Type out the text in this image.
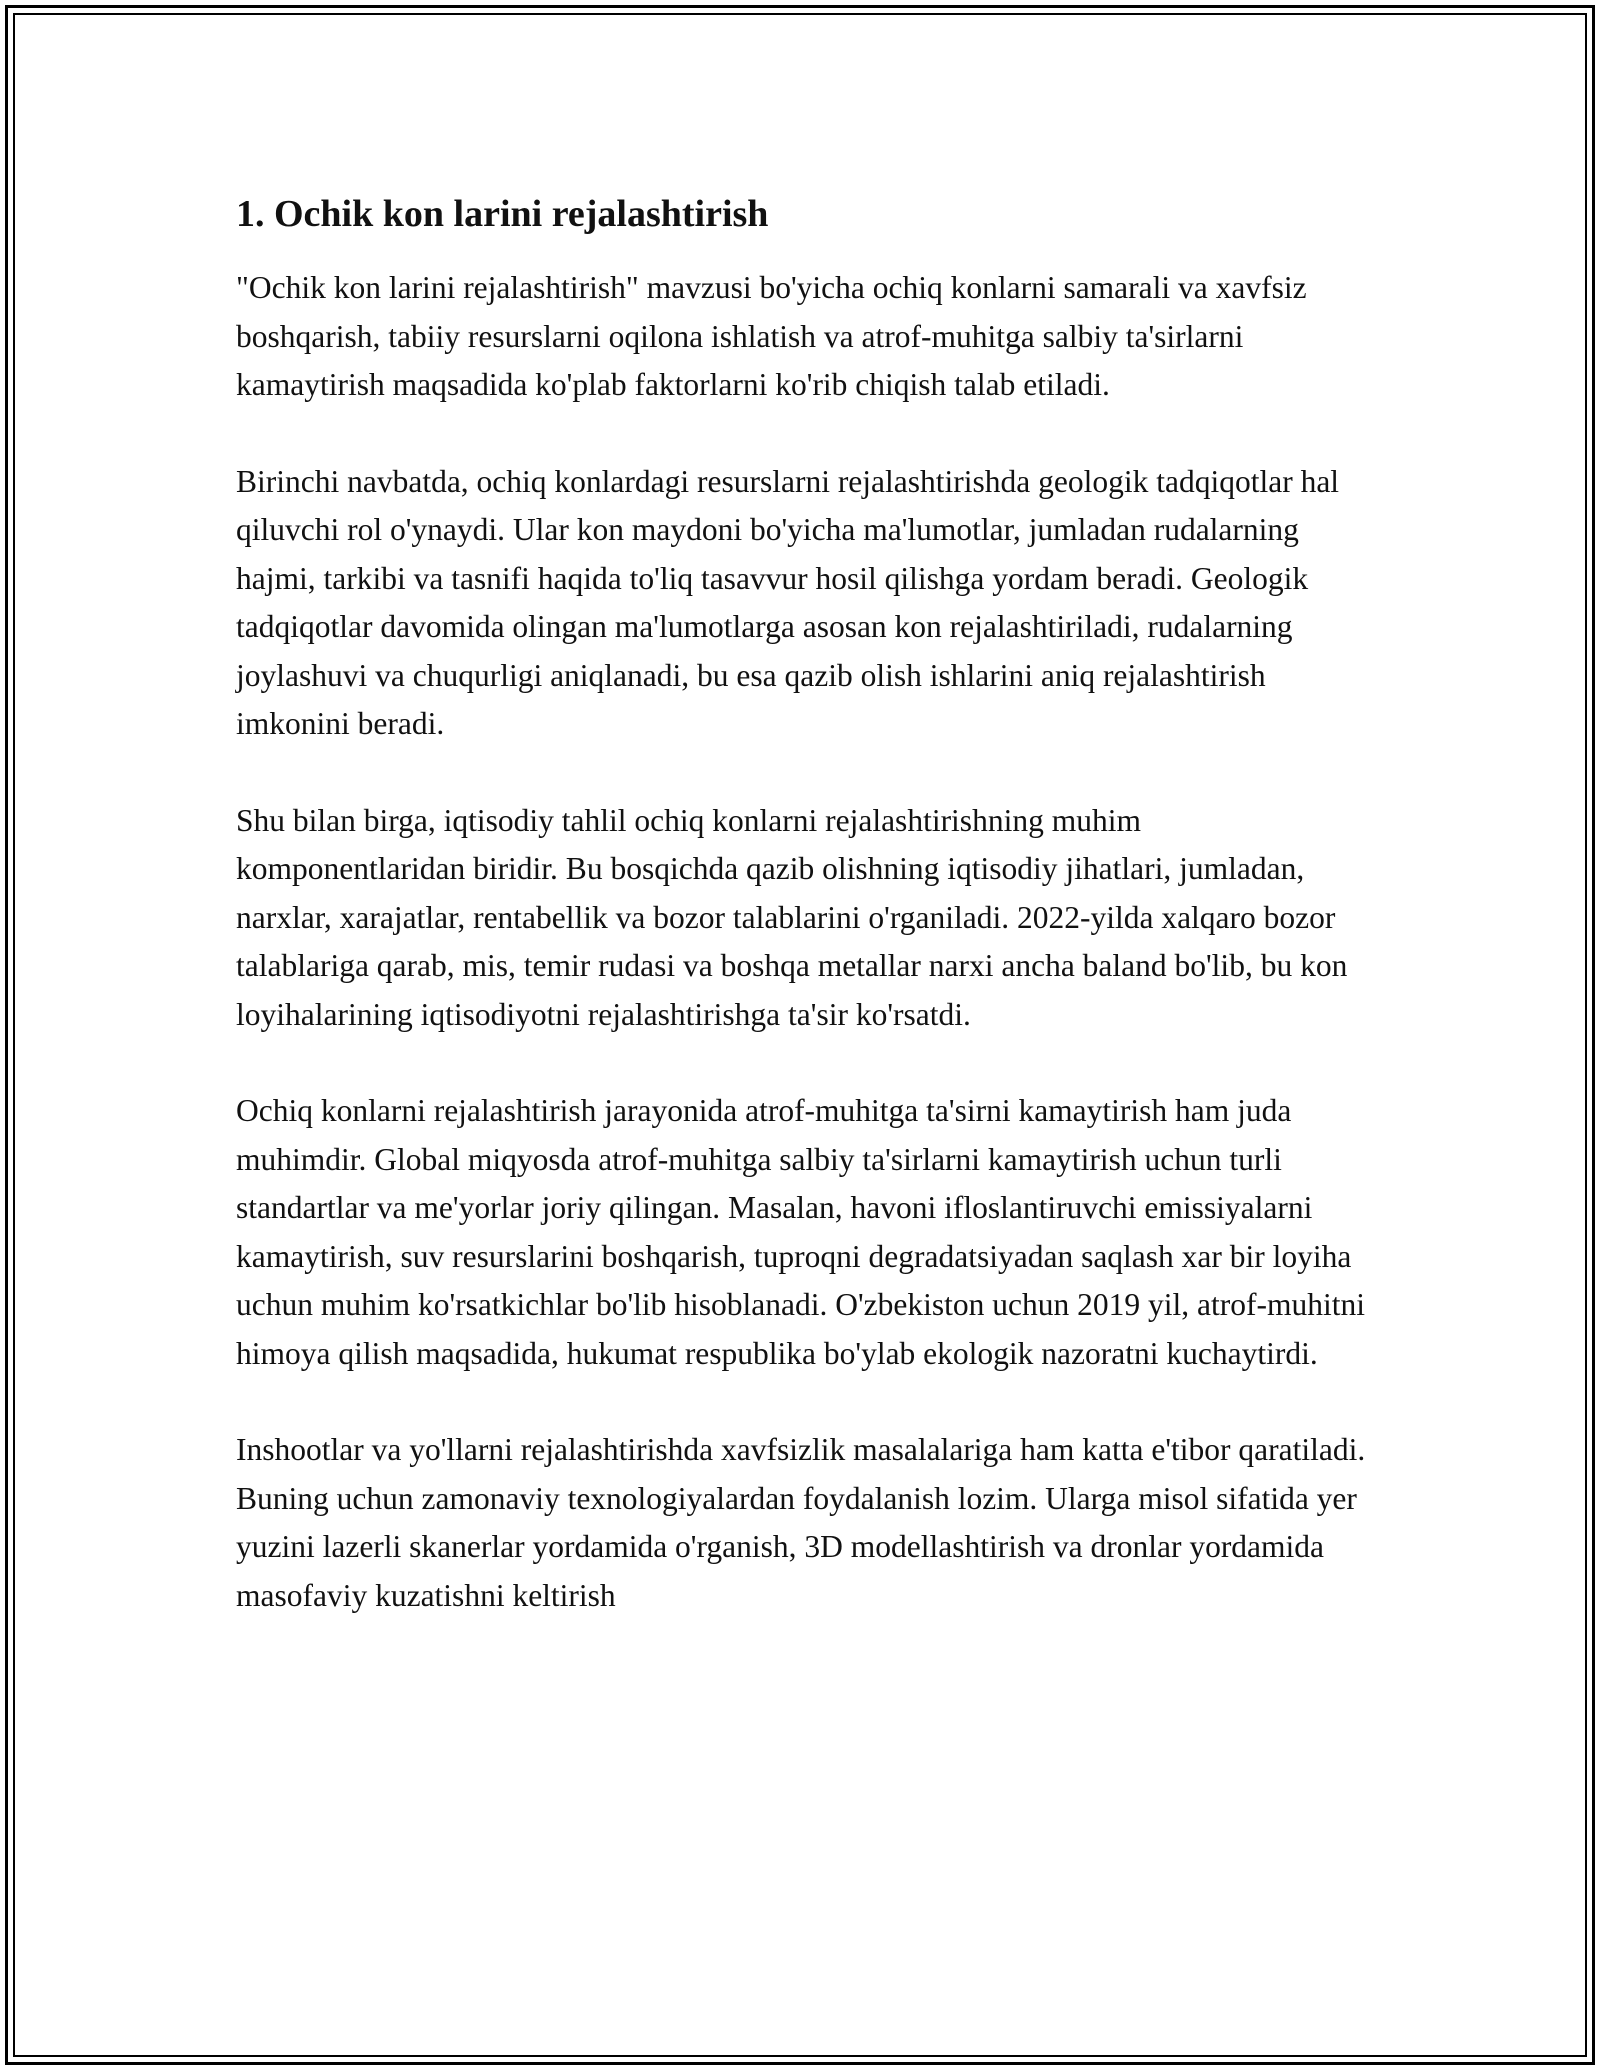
1. Ochik kon larini rejalashtirish

"Ochik kon larini rejalashtirish" mavzusi bo'yicha ochiq konlarni samarali va xavfsiz boshqarish, tabiiy resurslarni oqilona ishlatish va atrof-muhitga salbiy ta'sirlarni kamaytirish maqsadida ko'plab faktorlarni ko'rib chiqish talab etiladi.

Birinchi navbatda, ochiq konlardagi resurslarni rejalashtirishda geologik tadqiqotlar hal qiluvchi rol o'ynaydi. Ular kon maydoni bo'yicha ma'lumotlar, jumladan rudalarning hajmi, tarkibi va tasnifi haqida to'liq tasavvur hosil qilishga yordam beradi. Geologik tadqiqotlar davomida olingan ma'lumotlarga asosan kon rejalashtiriladi, rudalarning joylashuvi va chuqurligi aniqlanadi, bu esa qazib olish ishlarini aniq rejalashtirish imkonini beradi.

Shu bilan birga, iqtisodiy tahlil ochiq konlarni rejalashtirishning muhim komponentlaridan biridir. Bu bosqichda qazib olishning iqtisodiy jihatlari, jumladan, narxlar, xarajatlar, rentabellik va bozor talablarini o'rganiladi. 2022-yilda xalqaro bozor talablariga qarab, mis, temir rudasi va boshqa metallar narxi ancha baland bo'lib, bu kon loyihalarining iqtisodiyotni rejalashtirishga ta'sir ko'rsatdi.

Ochiq konlarni rejalashtirish jarayonida atrof-muhitga ta'sirni kamaytirish ham juda muhimdir. Global miqyosda atrof-muhitga salbiy ta'sirlarni kamaytirish uchun turli standartlar va me'yorlar joriy qilingan. Masalan, havoni ifloslantiruvchi emissiyalarni kamaytirish, suv resurslarini boshqarish, tuproqni degradatsiyadan saqlash xar bir loyiha uchun muhim ko'rsatkichlar bo'lib hisoblanadi. O'zbekiston uchun 2019 yil, atrof-muhitni himoya qilish maqsadida, hukumat respublika bo'ylab ekologik nazoratni kuchaytirdi.

Inshootlar va yo'llarni rejalashtirishda xavfsizlik masalalariga ham katta e'tibor qaratiladi. Buning uchun zamonaviy texnologiyalardan foydalanish lozim. Ularga misol sifatida yer yuzini lazerli skanerlar yordamida o'rganish, 3D modellashtirish va dronlar yordamida masofaviy kuzatishni keltirish
